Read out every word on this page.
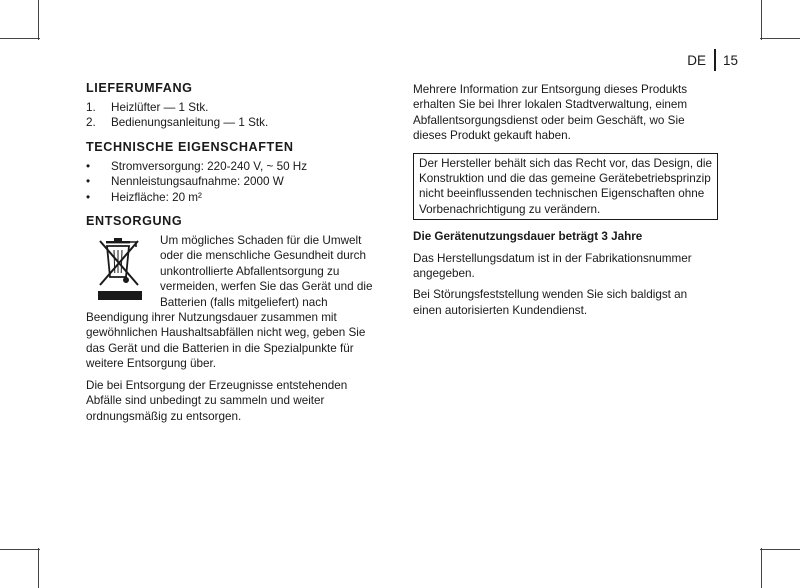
DE 15
LIEFERUMFANG
1. Heizlüfter — 1 Stk.
2. Bedienungsanleitung — 1 Stk.
TECHNISCHE EIGENSCHAFTEN
• Stromversorgung: 220-240 V, ~ 50 Hz
• Nennleistungsaufnahme: 2000 W
• Heizfläche: 20 m²
ENTSORGUNG

Um mögliches Schaden für die Umwelt oder die menschliche Gesundheit durch unkontrollierte Abfallentsorgung zu vermeiden, werfen Sie das Gerät und die Batterien (falls mitgeliefert) nach Beendigung ihrer Nutzungsdauer zusammen mit gewöhnlichen Haushaltsabfällen nicht weg, geben Sie das Gerät und die Batterien in die Spezialpunkte für weitere Entsorgung über.

Die bei Entsorgung der Erzeugnisse entstehenden Abfälle sind unbedingt zu sammeln und weiter ordnungsmäßig zu entsorgen.

Mehrere Information zur Entsorgung dieses Produkts erhalten Sie bei Ihrer lokalen Stadtverwaltung, einem Abfallentsorgungsdienst oder beim Geschäft, wo Sie dieses Produkt gekauft haben.

Der Hersteller behält sich das Recht vor, das Design, die Konstruktion und die das gemeine Gerätebetriebsprinzip nicht beeinflussenden technischen Eigenschaften ohne Vorbenachrichtigung zu verändern.

Die Gerätenutzungsdauer beträgt 3 Jahre

Das Herstellungsdatum ist in der Fabrikationsnummer angegeben.

Bei Störungsfeststellung wenden Sie sich baldigst an einen autorisierten Kundendienst.
